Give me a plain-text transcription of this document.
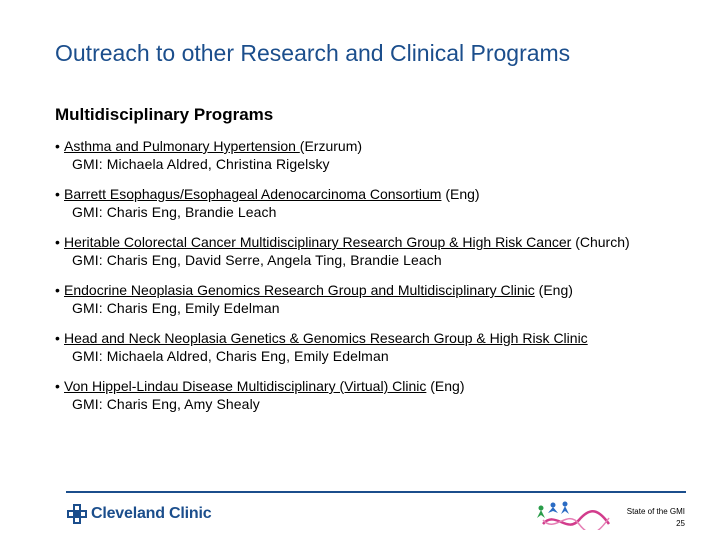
Outreach to other Research and Clinical Programs
Multidisciplinary Programs
• Asthma and Pulmonary Hypertension (Erzurum)
GMI: Michaela Aldred, Christina Rigelsky
• Barrett Esophagus/Esophageal Adenocarcinoma Consortium (Eng)
GMI: Charis Eng, Brandie Leach
• Heritable Colorectal Cancer Multidisciplinary Research Group & High Risk Cancer (Church)
GMI: Charis Eng, David Serre, Angela Ting, Brandie Leach
• Endocrine Neoplasia Genomics Research Group and Multidisciplinary Clinic (Eng)
GMI: Charis Eng, Emily Edelman
• Head and Neck Neoplasia Genetics & Genomics Research Group & High Risk Clinic
GMI: Michaela Aldred, Charis Eng, Emily Edelman
• Von Hippel-Lindau Disease Multidisciplinary (Virtual) Clinic (Eng)
GMI: Charis Eng, Amy Shealy
Cleveland Clinic	State of the GMI
25
